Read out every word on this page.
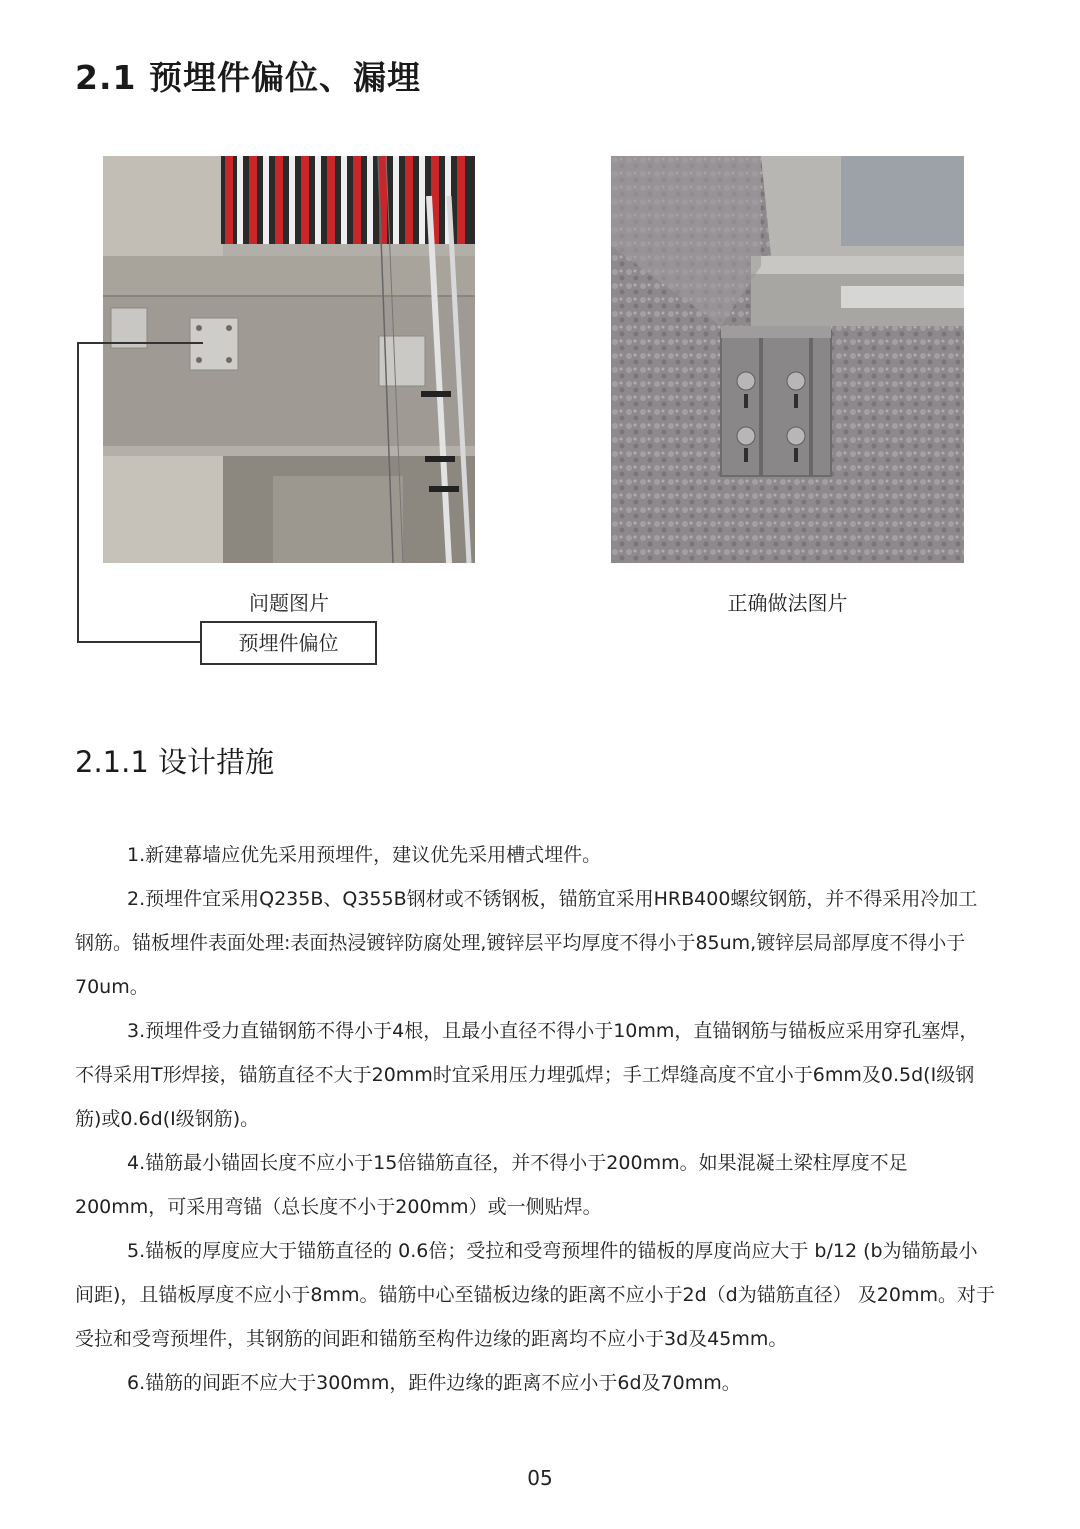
2.1 预埋件偏位、漏埋
问题图片	正确做法图片
预埋件偏位
2.1.1 设计措施

1.新建幕墙应优先采用预埋件，建议优先采用槽式埋件。

2.预埋件宜采用Q235B、Q355B钢材或不锈钢板，锚筋宜采用HRB400螺纹钢筋，并不得采用冷加工钢筋。锚板埋件表面处理:表面热浸镀锌防腐处理,镀锌层平均厚度不得小于85um,镀锌层局部厚度不得小于70um。

3.预埋件受力直锚钢筋不得小于4根，且最小直径不得小于10mm，直锚钢筋与锚板应采用穿孔塞焊，不得采用T形焊接，锚筋直径不大于20mm时宜采用压力埋弧焊；手工焊缝高度不宜小于6mm及0.5d(I级钢筋)或0.6d(I级钢筋)。

4.锚筋最小锚固长度不应小于15倍锚筋直径，并不得小于200mm。如果混凝土梁柱厚度不足200mm，可采用弯锚（总长度不小于200mm）或一侧贴焊。

5.锚板的厚度应大于锚筋直径的 0.6倍；受拉和受弯预埋件的锚板的厚度尚应大于 b/12 (b为锚筋最小间距)，且锚板厚度不应小于8mm。锚筋中心至锚板边缘的距离不应小于2d（d为锚筋直径） 及20mm。对于受拉和受弯预埋件，其钢筋的间距和锚筋至构件边缘的距离均不应小于3d及45mm。

6.锚筋的间距不应大于300mm，距件边缘的距离不应小于6d及70mm。

05
